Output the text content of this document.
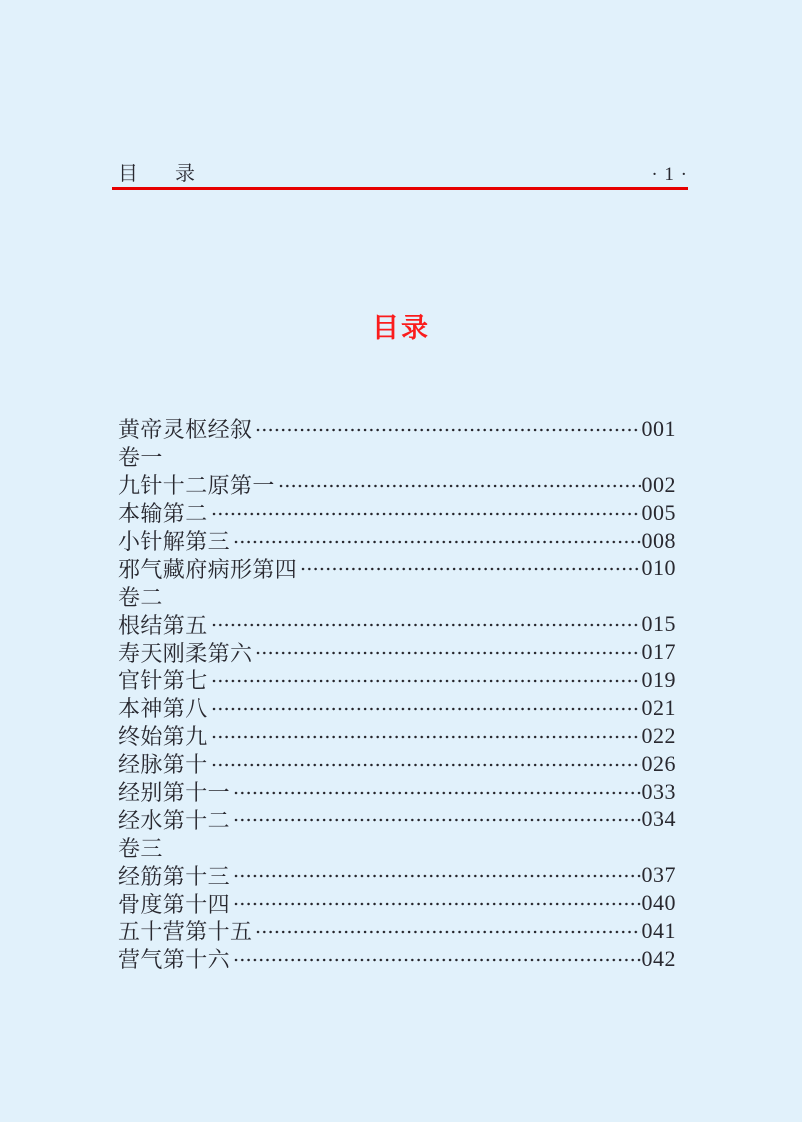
目 录	· 1 ·
目录
黄帝灵枢经叙	001
卷一
九针十二原第一	002
本输第二	005
小针解第三	008
邪气藏府病形第四	010
卷二
根结第五	015
寿天刚柔第六	017
官针第七	019
本神第八	021
终始第九	022
经脉第十	026
经别第十一	033
经水第十二	034
卷三
经筋第十三	037
骨度第十四	040
五十营第十五	041
营气第十六	042
